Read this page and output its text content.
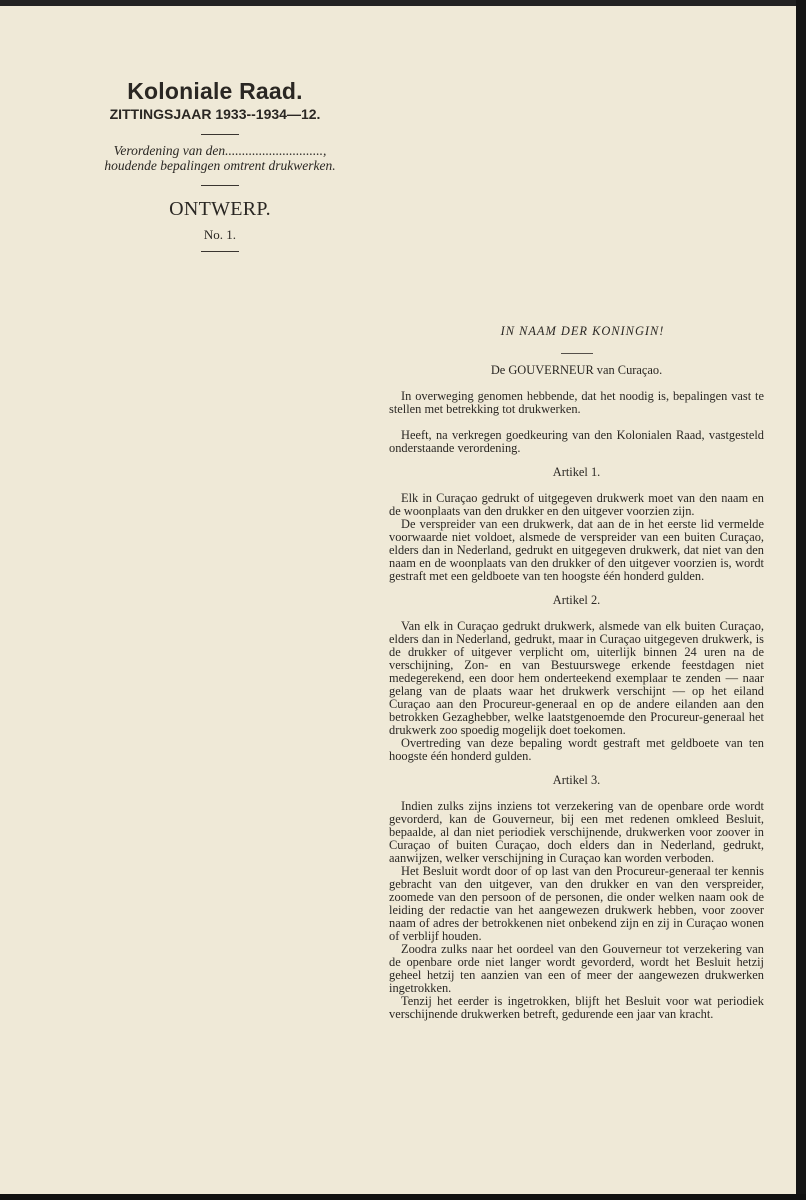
Koloniale Raad.
ZITTINGSJAAR 1933--1934—12.
Verordening van den.............................,
houdende bepalingen omtrent drukwerken.
ONTWERP.
No. 1.
IN NAAM DER KONINGIN!
De GOUVERNEUR van Curaçao.

In overweging genomen hebbende, dat het noodig is, bepalingen vast te stellen met betrekking tot drukwerken.

Heeft, na verkregen goedkeuring van den Kolonialen Raad, vastgesteld onderstaande verordening.

Artikel 1.

Elk in Curaçao gedrukt of uitgegeven drukwerk moet van den naam en de woonplaats van den drukker en den uitgever voorzien zijn.

De verspreider van een drukwerk, dat aan de in het eerste lid vermelde voorwaarde niet voldoet, alsmede de verspreider van een buiten Curaçao, elders dan in Nederland, gedrukt en uitgegeven drukwerk, dat niet van den naam en de woonplaats van den drukker of den uitgever voorzien is, wordt gestraft met een geldboete van ten hoogste één honderd gulden.

Artikel 2.

Van elk in Curaçao gedrukt drukwerk, alsmede van elk buiten Curaçao, elders dan in Nederland, gedrukt, maar in Curaçao uitgegeven drukwerk, is de drukker of uitgever verplicht om, uiterlijk binnen 24 uren na de verschijning, Zon- en van Bestuurswege erkende feestdagen niet medegerekend, een door hem onderteekend exemplaar te zenden — naar gelang van de plaats waar het drukwerk verschijnt — op het eiland Curaçao aan den Procureur-generaal en op de andere eilanden aan den betrokken Gezaghebber, welke laatstgenoemde den Procureur-generaal het drukwerk zoo spoedig mogelijk doet toekomen.

Overtreding van deze bepaling wordt gestraft met geldboete van ten hoogste één honderd gulden.

Artikel 3.

Indien zulks zijns inziens tot verzekering van de openbare orde wordt gevorderd, kan de Gouverneur, bij een met redenen omkleed Besluit, bepaalde, al dan niet periodiek verschijnende, drukwerken voor zoover in Curaçao of buiten Curaçao, doch elders dan in Nederland, gedrukt, aanwijzen, welker verschijning in Curaçao kan worden verboden.

Het Besluit wordt door of op last van den Procureur-generaal ter kennis gebracht van den uitgever, van den drukker en van den verspreider, zoomede van den persoon of de personen, die onder welken naam ook de leiding der redactie van het aangewezen drukwerk hebben, voor zoover naam of adres der betrokkenen niet onbekend zijn en zij in Curaçao wonen of verblijf houden.

Zoodra zulks naar het oordeel van den Gouverneur tot verzekering van de openbare orde niet langer wordt gevorderd, wordt het Besluit hetzij geheel hetzij ten aanzien van een of meer der aangewezen drukwerken ingetrokken.

Tenzij het eerder is ingetrokken, blijft het Besluit voor wat periodiek verschijnende drukwerken betreft, gedurende een jaar van kracht.
